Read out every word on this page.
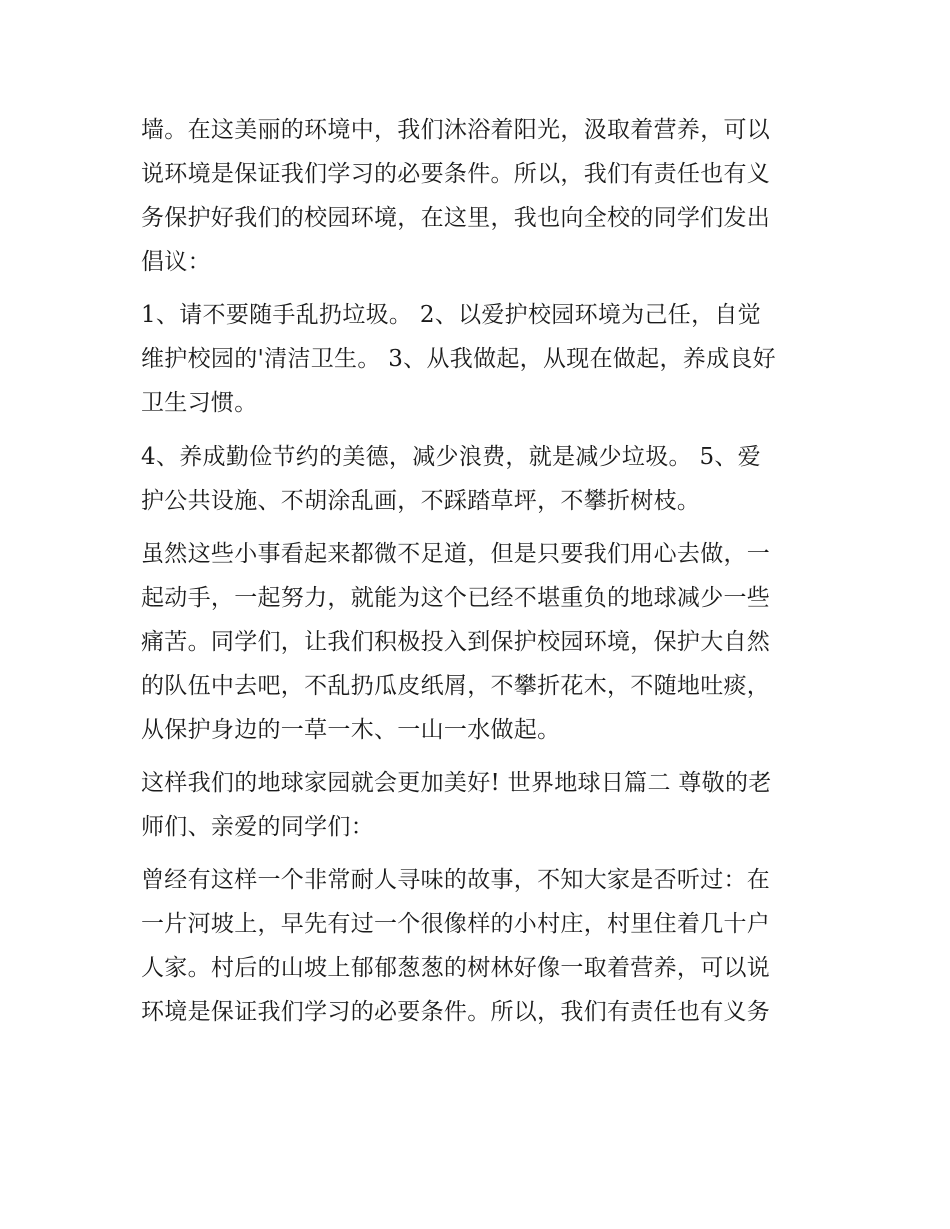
墙。在这美丽的环境中，我们沐浴着阳光，汲取着营养，可以
说环境是保证我们学习的必要条件。所以，我们有责任也有义
务保护好我们的校园环境，在这里，我也向全校的同学们发出
倡议：
1、请不要随手乱扔垃圾。 2、以爱护校园环境为己任，自觉
维护校园的'清洁卫生。 3、从我做起，从现在做起，养成良好
卫生习惯。
4、养成勤俭节约的美德，减少浪费，就是减少垃圾。 5、爱
护公共设施、不胡涂乱画，不踩踏草坪，不攀折树枝。
虽然这些小事看起来都微不足道，但是只要我们用心去做，一
起动手，一起努力，就能为这个已经不堪重负的地球减少一些
痛苦。同学们，让我们积极投入到保护校园环境，保护大自然
的队伍中去吧，不乱扔瓜皮纸屑，不攀折花木，不随地吐痰，
从保护身边的一草一木、一山一水做起。
这样我们的地球家园就会更加美好! 世界地球日篇二 尊敬的老
师们、亲爱的同学们：
曾经有这样一个非常耐人寻味的故事，不知大家是否听过：在
一片河坡上，早先有过一个很像样的小村庄，村里住着几十户
人家。村后的山坡上郁郁葱葱的树林好像一取着营养，可以说
环境是保证我们学习的必要条件。所以，我们有责任也有义务
